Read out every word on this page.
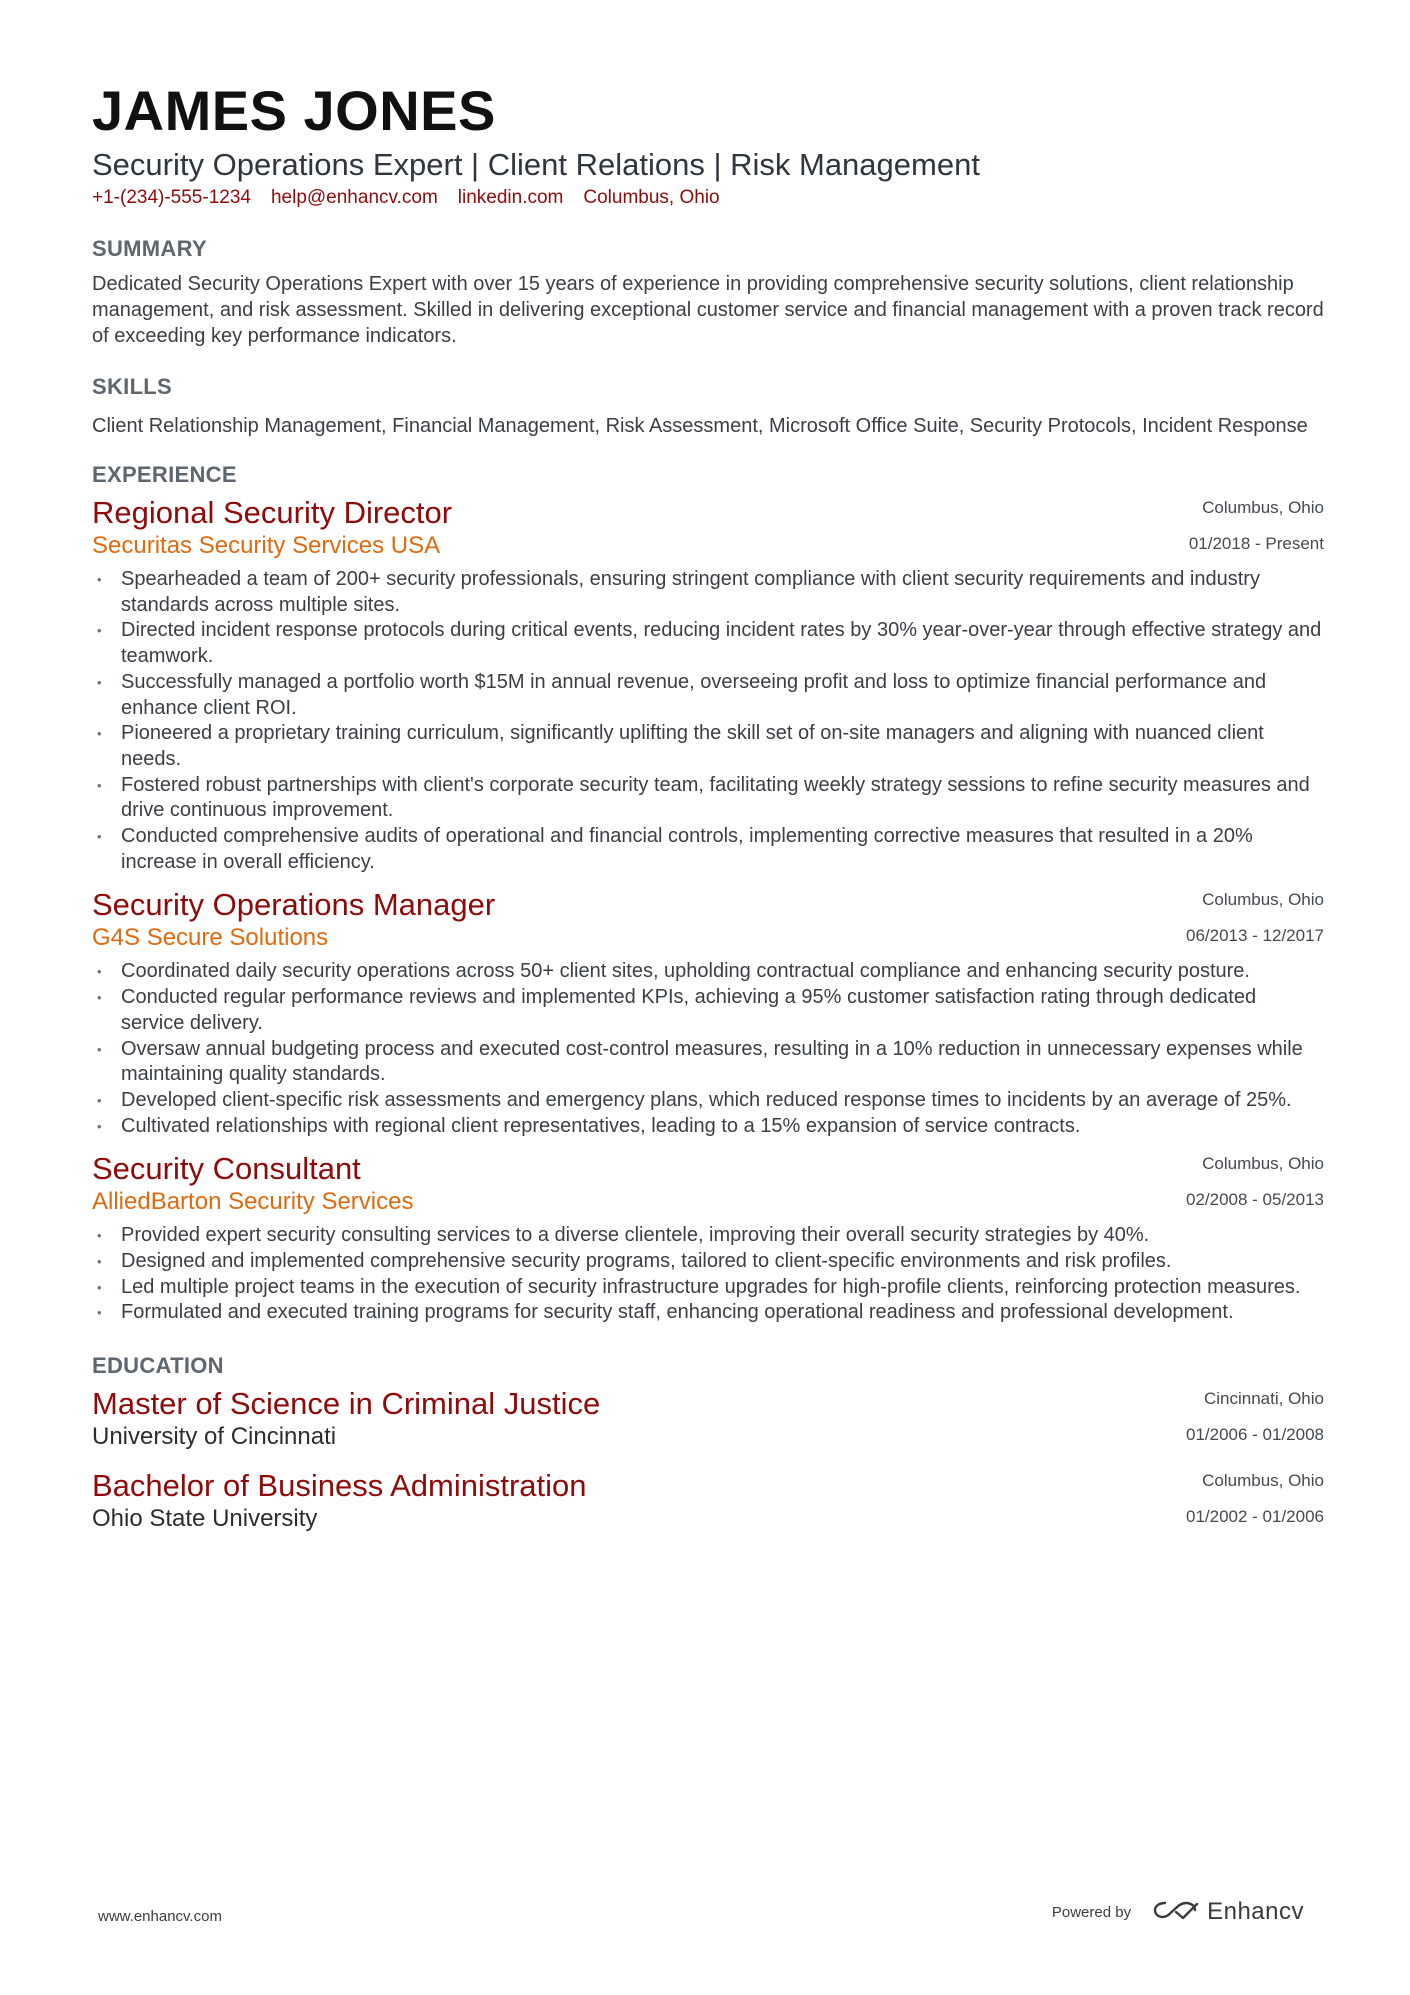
JAMES JONES
Security Operations Expert | Client Relations | Risk Management
+1-(234)-555-1234 help@enhancv.com linkedin.com Columbus, Ohio
SUMMARY
Dedicated Security Operations Expert with over 15 years of experience in providing comprehensive security solutions, client relationship management, and risk assessment. Skilled in delivering exceptional customer service and financial management with a proven track record of exceeding key performance indicators.
SKILLS
Client Relationship Management, Financial Management, Risk Assessment, Microsoft Office Suite, Security Protocols, Incident Response
EXPERIENCE
Regional Security Director
Securitas Security Services USA
Columbus, Ohio
01/2018 - Present
• Spearheaded a team of 200+ security professionals, ensuring stringent compliance with client security requirements and industry standards across multiple sites.
• Directed incident response protocols during critical events, reducing incident rates by 30% year-over-year through effective strategy and teamwork.
• Successfully managed a portfolio worth $15M in annual revenue, overseeing profit and loss to optimize financial performance and enhance client ROI.
• Pioneered a proprietary training curriculum, significantly uplifting the skill set of on-site managers and aligning with nuanced client needs.
• Fostered robust partnerships with client's corporate security team, facilitating weekly strategy sessions to refine security measures and drive continuous improvement.
• Conducted comprehensive audits of operational and financial controls, implementing corrective measures that resulted in a 20% increase in overall efficiency.
Security Operations Manager
G4S Secure Solutions
Columbus, Ohio
06/2013 - 12/2017
• Coordinated daily security operations across 50+ client sites, upholding contractual compliance and enhancing security posture.
• Conducted regular performance reviews and implemented KPIs, achieving a 95% customer satisfaction rating through dedicated service delivery.
• Oversaw annual budgeting process and executed cost-control measures, resulting in a 10% reduction in unnecessary expenses while maintaining quality standards.
• Developed client-specific risk assessments and emergency plans, which reduced response times to incidents by an average of 25%.
• Cultivated relationships with regional client representatives, leading to a 15% expansion of service contracts.
Security Consultant
AlliedBarton Security Services
Columbus, Ohio
02/2008 - 05/2013
• Provided expert security consulting services to a diverse clientele, improving their overall security strategies by 40%.
• Designed and implemented comprehensive security programs, tailored to client-specific environments and risk profiles.
• Led multiple project teams in the execution of security infrastructure upgrades for high-profile clients, reinforcing protection measures.
• Formulated and executed training programs for security staff, enhancing operational readiness and professional development.
EDUCATION
Master of Science in Criminal Justice
University of Cincinnati
Cincinnati, Ohio
01/2006 - 01/2008
Bachelor of Business Administration
Ohio State University
Columbus, Ohio
01/2002 - 01/2006
www.enhancv.com	Powered by	Enhancv
